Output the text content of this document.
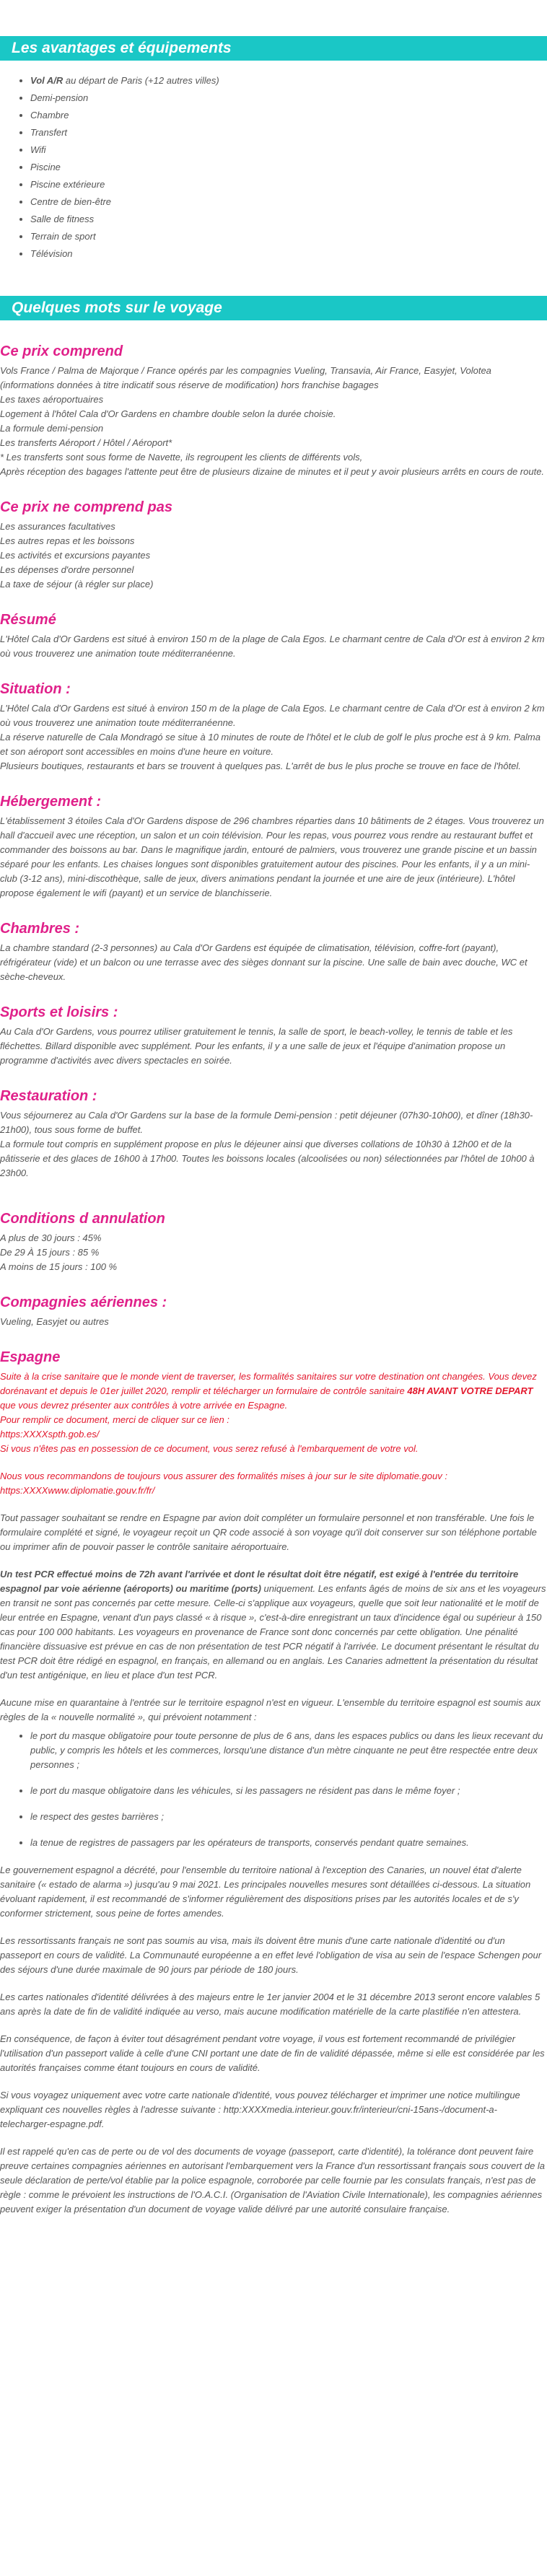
Les avantages et équipements
• Vol A/R au départ de Paris (+12 autres villes)
• Demi-pension
• Chambre
• Transfert
• Wifi
• Piscine
• Piscine extérieure
• Centre de bien-être
• Salle de fitness
• Terrain de sport
• Télévision
Quelques mots sur le voyage
Ce prix comprend

Vols France / Palma de Majorque / France opérés par les compagnies Vueling, Transavia, Air France, Easyjet, Volotea (informations données à titre indicatif sous réserve de modification) hors franchise bagages

Les taxes aéroportuaires

Logement à l'hôtel Cala d'Or Gardens en chambre double selon la durée choisie.

La formule demi-pension

Les transferts Aéroport / Hôtel / Aéroport*

* Les transferts sont sous forme de Navette, ils regroupent les clients de différents vols,

Après réception des bagages l'attente peut être de plusieurs dizaine de minutes et il peut y avoir plusieurs arrêts en cours de route.

Ce prix ne comprend pas

Les assurances facultatives

Les autres repas et les boissons

Les activités et excursions payantes

Les dépenses d'ordre personnel

La taxe de séjour (à régler sur place)

Résumé

L'Hôtel Cala d'Or Gardens est situé à environ 150 m de la plage de Cala Egos. Le charmant centre de Cala d'Or est à environ 2 km où vous trouverez une animation toute méditerranéenne.

Situation :

L'Hôtel Cala d'Or Gardens est situé à environ 150 m de la plage de Cala Egos. Le charmant centre de Cala d'Or est à environ 2 km où vous trouverez une animation toute méditerranéenne.

La réserve naturelle de Cala Mondragó se situe à 10 minutes de route de l'hôtel et le club de golf le plus proche est à 9 km. Palma et son aéroport sont accessibles en moins d'une heure en voiture.

Plusieurs boutiques, restaurants et bars se trouvent à quelques pas. L'arrêt de bus le plus proche se trouve en face de l'hôtel.

Hébergement :

L'établissement 3 étoiles Cala d'Or Gardens dispose de 296 chambres réparties dans 10 bâtiments de 2 étages. Vous trouverez un hall d'accueil avec une réception, un salon et un coin télévision. Pour les repas, vous pourrez vous rendre au restaurant buffet et commander des boissons au bar. Dans le magnifique jardin, entouré de palmiers, vous trouverez une grande piscine et un bassin séparé pour les enfants. Les chaises longues sont disponibles gratuitement autour des piscines. Pour les enfants, il y a un mini-club (3-12 ans), mini-discothèque, salle de jeux, divers animations pendant la journée et une aire de jeux (intérieure). L'hôtel propose également le wifi (payant) et un service de blanchisserie.

Chambres :

La chambre standard (2-3 personnes) au Cala d'Or Gardens est équipée de climatisation, télévision, coffre-fort (payant), réfrigérateur (vide) et un balcon ou une terrasse avec des sièges donnant sur la piscine. Une salle de bain avec douche, WC et sèche-cheveux.

Sports et loisirs :

Au Cala d'Or Gardens, vous pourrez utiliser gratuitement le tennis, la salle de sport, le beach-volley, le tennis de table et les fléchettes. Billard disponible avec supplément. Pour les enfants, il y a une salle de jeux et l'équipe d'animation propose un programme d'activités avec divers spectacles en soirée.

Restauration :

Vous séjournerez au Cala d'Or Gardens sur la base de la formule Demi-pension : petit déjeuner (07h30-10h00), et dîner (18h30-21h00), tous sous forme de buffet.

La formule tout compris en supplément propose en plus le déjeuner ainsi que diverses collations de 10h30 à 12h00 et de la pâtisserie et des glaces de 16h00 à 17h00. Toutes les boissons locales (alcoolisées ou non) sélectionnées par l'hôtel de 10h00 à 23h00.

Conditions d annulation

A plus de 30 jours : 45%

De 29 À 15 jours : 85 %

A moins de 15 jours : 100 %

Compagnies aériennes :

Vueling, Easyjet ou autres

Espagne

Suite à la crise sanitaire que le monde vient de traverser, les formalités sanitaires sur votre destination ont changées. Vous devez dorénavant et depuis le 01er juillet 2020, remplir et télécharger un formulaire de contrôle sanitaire 48H AVANT VOTRE DEPART que vous devrez présenter aux contrôles à votre arrivée en Espagne.
Pour remplir ce document, merci de cliquer sur ce lien :
https:XXXXspth.gob.es/
Si vous n'êtes pas en possession de ce document, vous serez refusé à l'embarquement de votre vol.

Nous vous recommandons de toujours vous assurer des formalités mises à jour sur le site diplomatie.gouv : https:XXXXwww.diplomatie.gouv.fr/fr/

Tout passager souhaitant se rendre en Espagne par avion doit compléter un formulaire personnel et non transférable. Une fois le formulaire complété et signé, le voyageur reçoit un QR code associé à son voyage qu'il doit conserver sur son téléphone portable ou imprimer afin de pouvoir passer le contrôle sanitaire aéroportuaire.

Un test PCR effectué moins de 72h avant l'arrivée et dont le résultat doit être négatif, est exigé à l'entrée du territoire espagnol par voie aérienne (aéroports) ou maritime (ports) uniquement. Les enfants âgés de moins de six ans et les voyageurs en transit ne sont pas concernés par cette mesure. Celle-ci s'applique aux voyageurs, quelle que soit leur nationalité et le motif de leur entrée en Espagne, venant d'un pays classé « à risque », c'est-à-dire enregistrant un taux d'incidence égal ou supérieur à 150 cas pour 100 000 habitants. Les voyageurs en provenance de France sont donc concernés par cette obligation. Une pénalité financière dissuasive est prévue en cas de non présentation de test PCR négatif à l'arrivée. Le document présentant le résultat du test PCR doit être rédigé en espagnol, en français, en allemand ou en anglais. Les Canaries admettent la présentation du résultat d'un test antigénique, en lieu et place d'un test PCR.

Aucune mise en quarantaine à l'entrée sur le territoire espagnol n'est en vigueur. L'ensemble du territoire espagnol est soumis aux règles de la « nouvelle normalité », qui prévoient notamment :

• le port du masque obligatoire pour toute personne de plus de 6 ans, dans les espaces publics ou dans les lieux recevant du public, y compris les hôtels et les commerces, lorsqu'une distance d'un mètre cinquante ne peut être respectée entre deux personnes ;
• le port du masque obligatoire dans les véhicules, si les passagers ne résident pas dans le même foyer ;
• le respect des gestes barrières ;
• la tenue de registres de passagers par les opérateurs de transports, conservés pendant quatre semaines.

Le gouvernement espagnol a décrété, pour l'ensemble du territoire national à l'exception des Canaries, un nouvel état d'alerte sanitaire (« estado de alarma ») jusqu'au 9 mai 2021. Les principales nouvelles mesures sont détaillées ci-dessous. La situation évoluant rapidement, il est recommandé de s'informer régulièrement des dispositions prises par les autorités locales et de s'y conformer strictement, sous peine de fortes amendes.

Les ressortissants français ne sont pas soumis au visa, mais ils doivent être munis d'une carte nationale d'identité ou d'un passeport en cours de validité. La Communauté européenne a en effet levé l'obligation de visa au sein de l'espace Schengen pour des séjours d'une durée maximale de 90 jours par période de 180 jours.

Les cartes nationales d'identité délivrées à des majeurs entre le 1er janvier 2004 et le 31 décembre 2013 seront encore valables 5 ans après la date de fin de validité indiquée au verso, mais aucune modification matérielle de la carte plastifiée n'en attestera.

En conséquence, de façon à éviter tout désagrément pendant votre voyage, il vous est fortement recommandé de privilégier l'utilisation d'un passeport valide à celle d'une CNI portant une date de fin de validité dépassée, même si elle est considérée par les autorités françaises comme étant toujours en cours de validité.

Si vous voyagez uniquement avec votre carte nationale d'identité, vous pouvez télécharger et imprimer une notice multilingue expliquant ces nouvelles règles à l'adresse suivante : http:XXXXmedia.interieur.gouv.fr/interieur/cni-15ans-/document-a-telecharger-espagne.pdf.

Il est rappelé qu'en cas de perte ou de vol des documents de voyage (passeport, carte d'identité), la tolérance dont peuvent faire preuve certaines compagnies aériennes en autorisant l'embarquement vers la France d'un ressortissant français sous couvert de la seule déclaration de perte/vol établie par la police espagnole, corroborée par celle fournie par les consulats français, n'est pas de règle : comme le prévoient les instructions de l'O.A.C.I. (Organisation de l'Aviation Civile Internationale), les compagnies aériennes peuvent exiger la présentation d'un document de voyage valide délivré par une autorité consulaire française.
